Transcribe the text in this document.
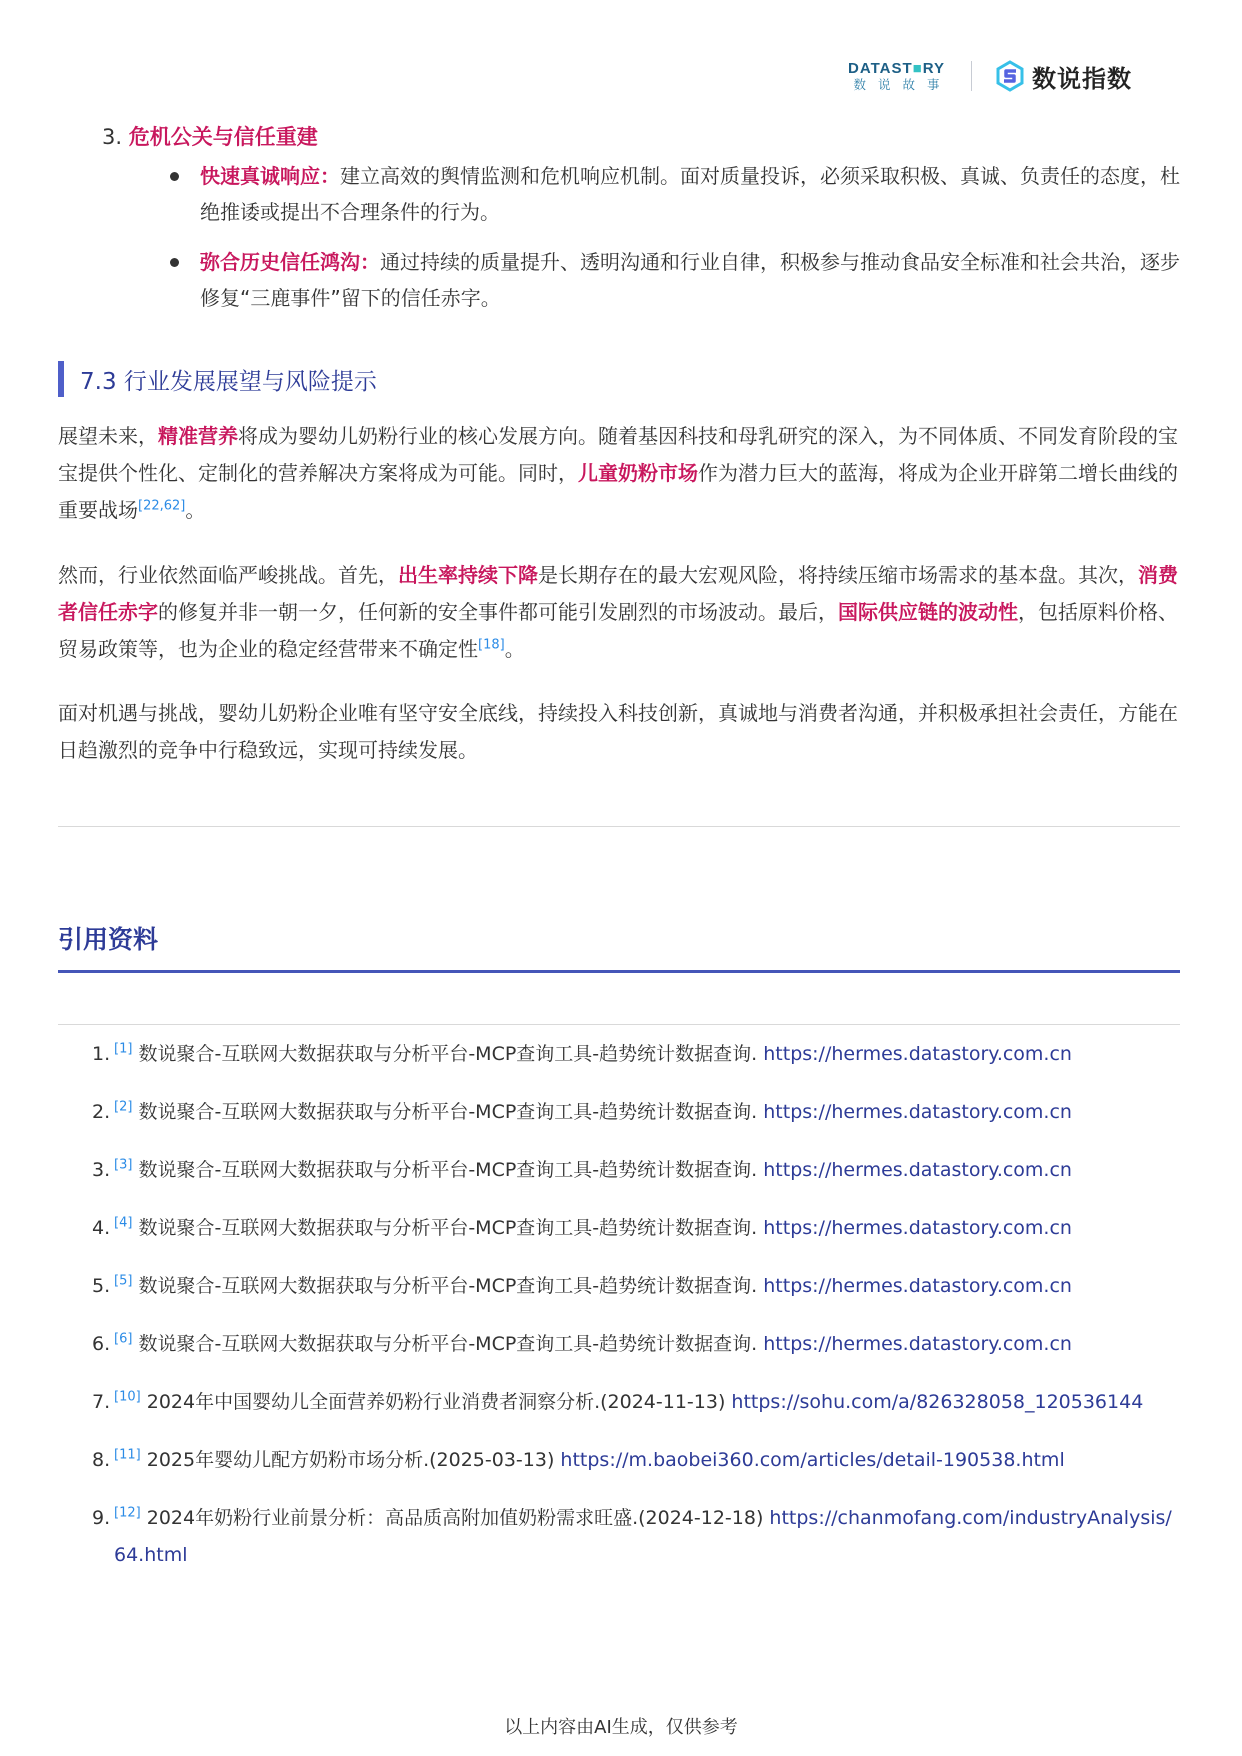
DATAST■RY
数说故事	数说指数
3. 危机公关与信任重建
快速真诚响应：建立高效的舆情监测和危机响应机制。面对质量投诉，必须采取积极、真诚、负责任的态度，杜绝推诿或提出不合理条件的行为。
弥合历史信任鸿沟：通过持续的质量提升、透明沟通和行业自律，积极参与推动食品安全标准和社会共治，逐步修复“三鹿事件”留下的信任赤字。
7.3 行业发展展望与风险提示

展望未来，精准营养将成为婴幼儿奶粉行业的核心发展方向。随着基因科技和母乳研究的深入，为不同体质、不同发育阶段的宝宝提供个性化、定制化的营养解决方案将成为可能。同时，儿童奶粉市场作为潜力巨大的蓝海，将成为企业开辟第二增长曲线的重要战场[22,62]。

然而，行业依然面临严峻挑战。首先，出生率持续下降是长期存在的最大宏观风险，将持续压缩市场需求的基本盘。其次，消费者信任赤字的修复并非一朝一夕，任何新的安全事件都可能引发剧烈的市场波动。最后，国际供应链的波动性，包括原料价格、贸易政策等，也为企业的稳定经营带来不确定性[18]。

面对机遇与挑战，婴幼儿奶粉企业唯有坚守安全底线，持续投入科技创新，真诚地与消费者沟通，并积极承担社会责任，方能在日趋激烈的竞争中行稳致远，实现可持续发展。

引用资料
1. [1] 数说聚合-互联网大数据获取与分析平台-MCP查询工具-趋势统计数据查询. https://hermes.datastory.com.cn
2. [2] 数说聚合-互联网大数据获取与分析平台-MCP查询工具-趋势统计数据查询. https://hermes.datastory.com.cn
3. [3] 数说聚合-互联网大数据获取与分析平台-MCP查询工具-趋势统计数据查询. https://hermes.datastory.com.cn
4. [4] 数说聚合-互联网大数据获取与分析平台-MCP查询工具-趋势统计数据查询. https://hermes.datastory.com.cn
5. [5] 数说聚合-互联网大数据获取与分析平台-MCP查询工具-趋势统计数据查询. https://hermes.datastory.com.cn
6. [6] 数说聚合-互联网大数据获取与分析平台-MCP查询工具-趋势统计数据查询. https://hermes.datastory.com.cn
7. [10] 2024年中国婴幼儿全面营养奶粉行业消费者洞察分析.(2024-11-13) https://sohu.com/a/826328058_120536144
8. [11] 2025年婴幼儿配方奶粉市场分析.(2025-03-13) https://m.baobei360.com/articles/detail-190538.html
9. [12] 2024年奶粉行业前景分析：高品质高附加值奶粉需求旺盛.(2024-12-18) https://chanmofang.com/industryAnalysis/64.html
以上内容由AI生成，仅供参考
